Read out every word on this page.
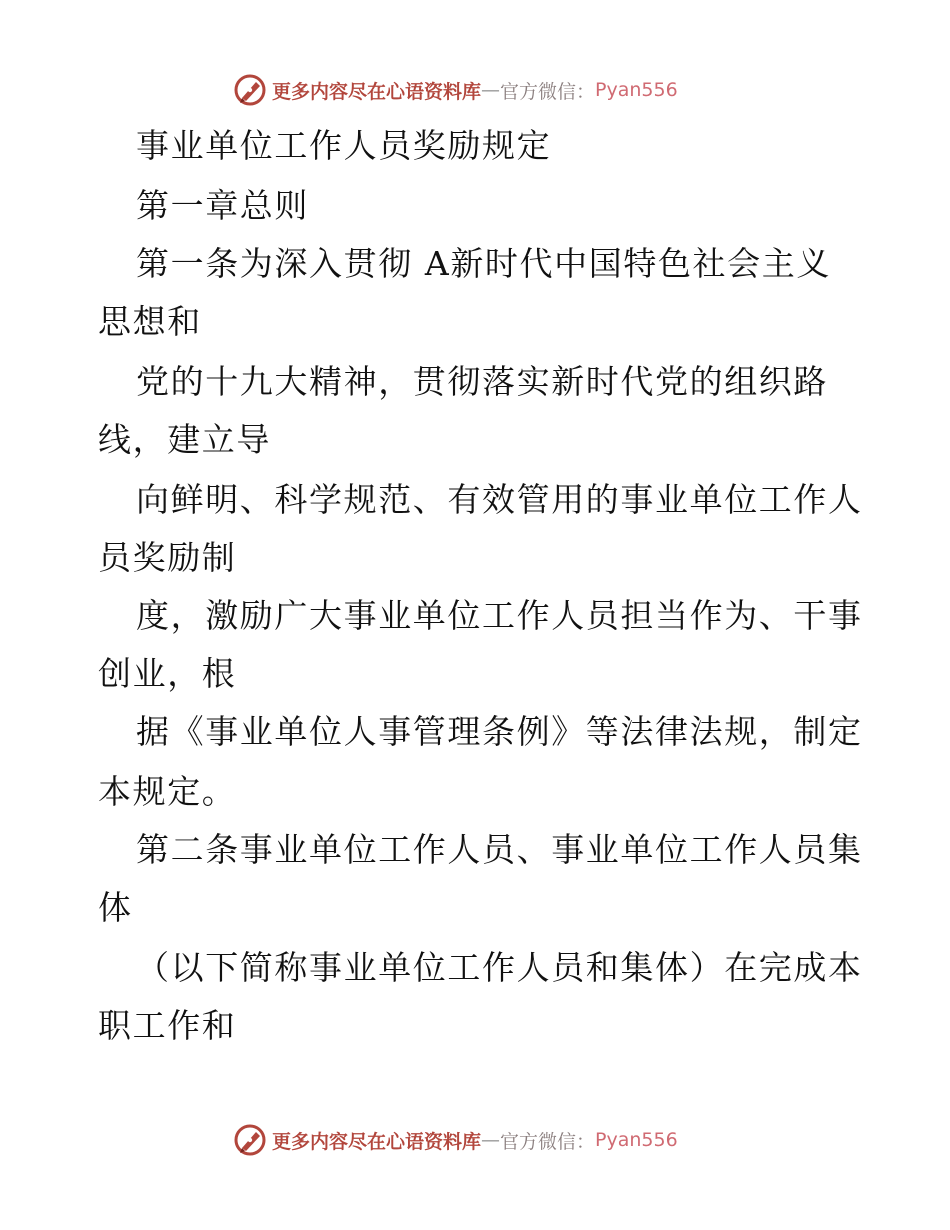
更多内容尽在心语资料库 — 官方微信： Pyan556
事业单位工作人员奖励规定
第一章总则
第一条为深入贯彻 A新时代中国特色社会主义
思想和
党的十九大精神，贯彻落实新时代党的组织路
线，建立导
向鲜明、科学规范、有效管用的事业单位工作人
员奖励制
度，激励广大事业单位工作人员担当作为、干事
创业，根
据《事业单位人事管理条例》等法律法规，制定
本规定。
第二条事业单位工作人员、事业单位工作人员集
体
（以下简称事业单位工作人员和集体）在完成本
职工作和
更多内容尽在心语资料库 — 官方微信： Pyan556
